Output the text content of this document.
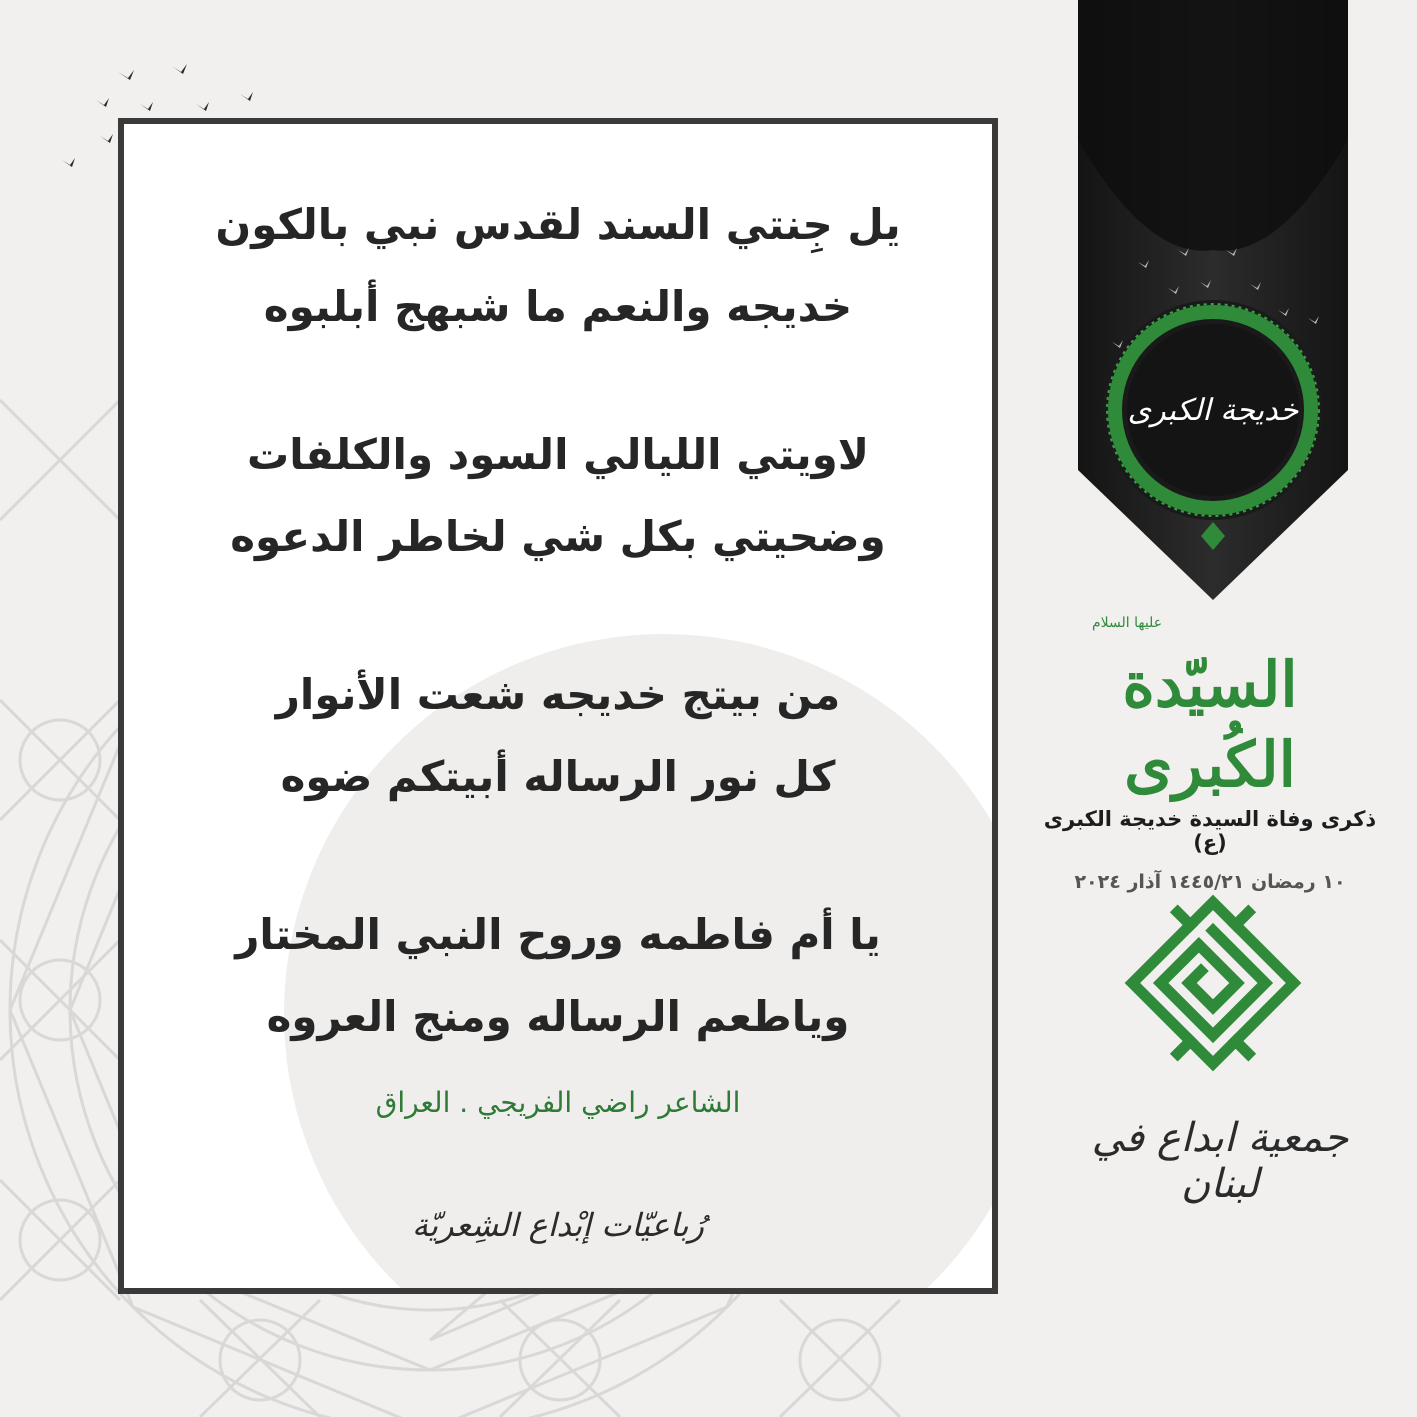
خديجة الكبرى
يل جِنتي السند لقدس نبي بالكون
خديجه والنعم ما شبهج أبلبوه
لاويتي الليالي السود والكلفات
وضحيتي بكل شي لخاطر الدعوه
من بيتج خديجه شعت الأنوار
كل نور الرساله أبيتكم ضوه
يا أم فاطمه وروح النبي المختار
وياطعم الرساله ومنج العروه
الشاعر راضي الفريجي . العراق
رُباعيّات إبْداع الشِعريّة
عليها السلام
السيّدة الكُبرى
ذكرى وفاة السيدة خديجة الكبرى (ع)
١٠ رمضان ١٤٤٥/٢١ آذار ٢٠٢٤
جمعية ابداع في لبنان
